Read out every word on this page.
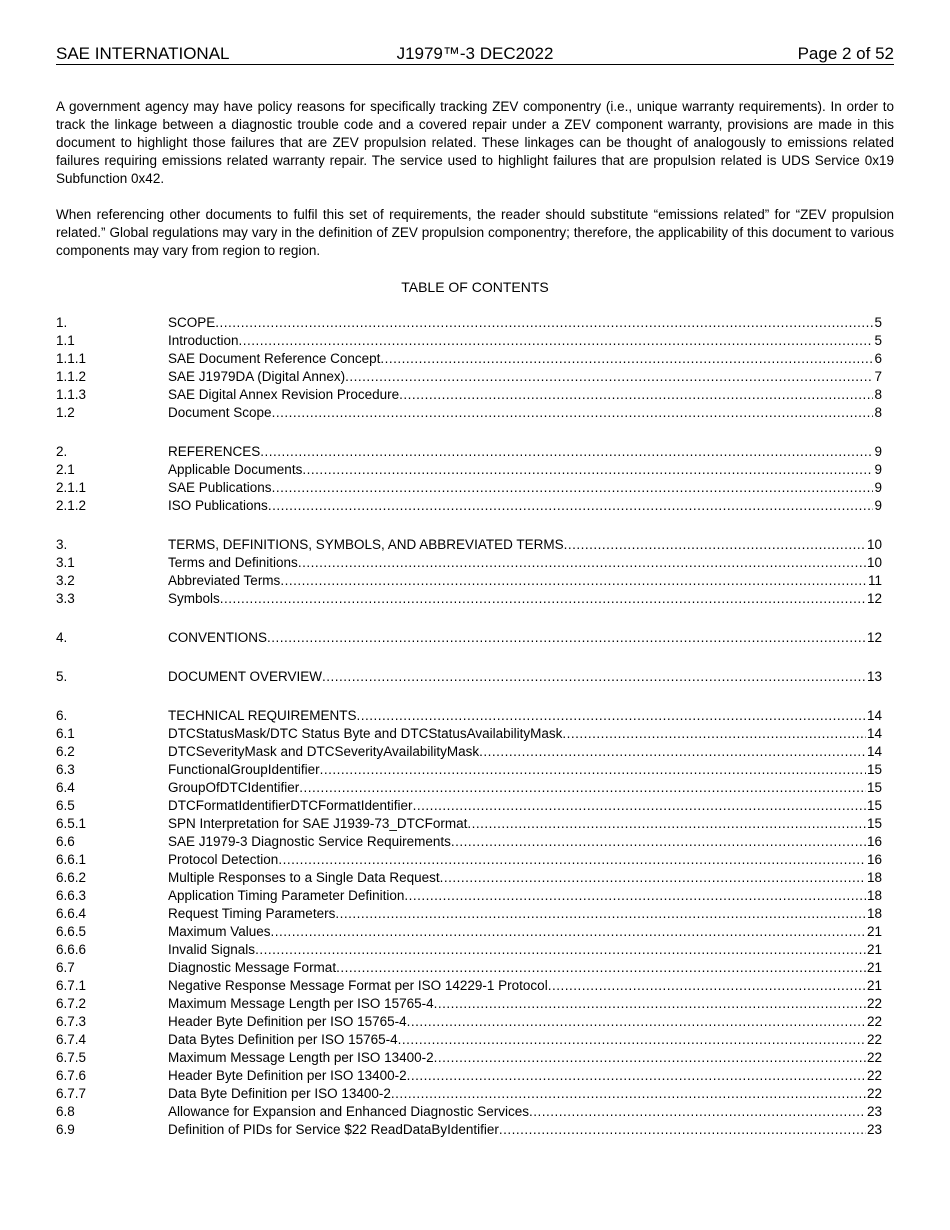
SAE INTERNATIONAL	J1979™-3 DEC2022	Page 2 of 52

A government agency may have policy reasons for specifically tracking ZEV componentry (i.e., unique warranty requirements). In order to track the linkage between a diagnostic trouble code and a covered repair under a ZEV component warranty, provisions are made in this document to highlight those failures that are ZEV propulsion related. These linkages can be thought of analogously to emissions related failures requiring emissions related warranty repair. The service used to highlight failures that are propulsion related is UDS Service 0x19 Subfunction 0x42.

When referencing other documents to fulfil this set of requirements, the reader should substitute “emissions related” for “ZEV propulsion related.” Global regulations may vary in the definition of ZEV propulsion componentry; therefore, the applicability of this document to various components may vary from region to region.

TABLE OF CONTENTS
1.	SCOPE .....	5
1.1	Introduction .....	5
1.1.1	SAE Document Reference Concept .....	6
1.1.2	SAE J1979DA (Digital Annex) .....	7
1.1.3	SAE Digital Annex Revision Procedure .....	8
1.2	Document Scope .....	8
2.	REFERENCES .....	9
2.1	Applicable Documents .....	9
2.1.1	SAE Publications .....	9
2.1.2	ISO Publications .....	9
3.	TERMS, DEFINITIONS, SYMBOLS, AND ABBREVIATED TERMS .....	10
3.1	Terms and Definitions .....	10
3.2	Abbreviated Terms .....	11
3.3	Symbols .....	12
4.	CONVENTIONS .....	12
5.	DOCUMENT OVERVIEW .....	13
6.	TECHNICAL REQUIREMENTS .....	14
6.1	DTCStatusMask/DTC Status Byte and DTCStatusAvailabilityMask .....	14
6.2	DTCSeverityMask and DTCSeverityAvailabilityMask .....	14
6.3	FunctionalGroupIdentifier .....	15
6.4	GroupOfDTCIdentifier .....	15
6.5	DTCFormatIdentifierDTCFormatIdentifier .....	15
6.5.1	SPN Interpretation for SAE J1939-73_DTCFormat .....	15
6.6	SAE J1979-3 Diagnostic Service Requirements .....	16
6.6.1	Protocol Detection .....	16
6.6.2	Multiple Responses to a Single Data Request .....	18
6.6.3	Application Timing Parameter Definition .....	18
6.6.4	Request Timing Parameters .....	18
6.6.5	Maximum Values .....	21
6.6.6	Invalid Signals .....	21
6.7	Diagnostic Message Format .....	21
6.7.1	Negative Response Message Format per ISO 14229-1 Protocol .....	21
6.7.2	Maximum Message Length per ISO 15765-4 .....	22
6.7.3	Header Byte Definition per ISO 15765-4 .....	22
6.7.4	Data Bytes Definition per ISO 15765-4 .....	22
6.7.5	Maximum Message Length per ISO 13400-2 .....	22
6.7.6	Header Byte Definition per ISO 13400-2 .....	22
6.7.7	Data Byte Definition per ISO 13400-2 .....	22
6.8	Allowance for Expansion and Enhanced Diagnostic Services .....	23
6.9	Definition of PIDs for Service $22 ReadDataByIdentifier .....	23
